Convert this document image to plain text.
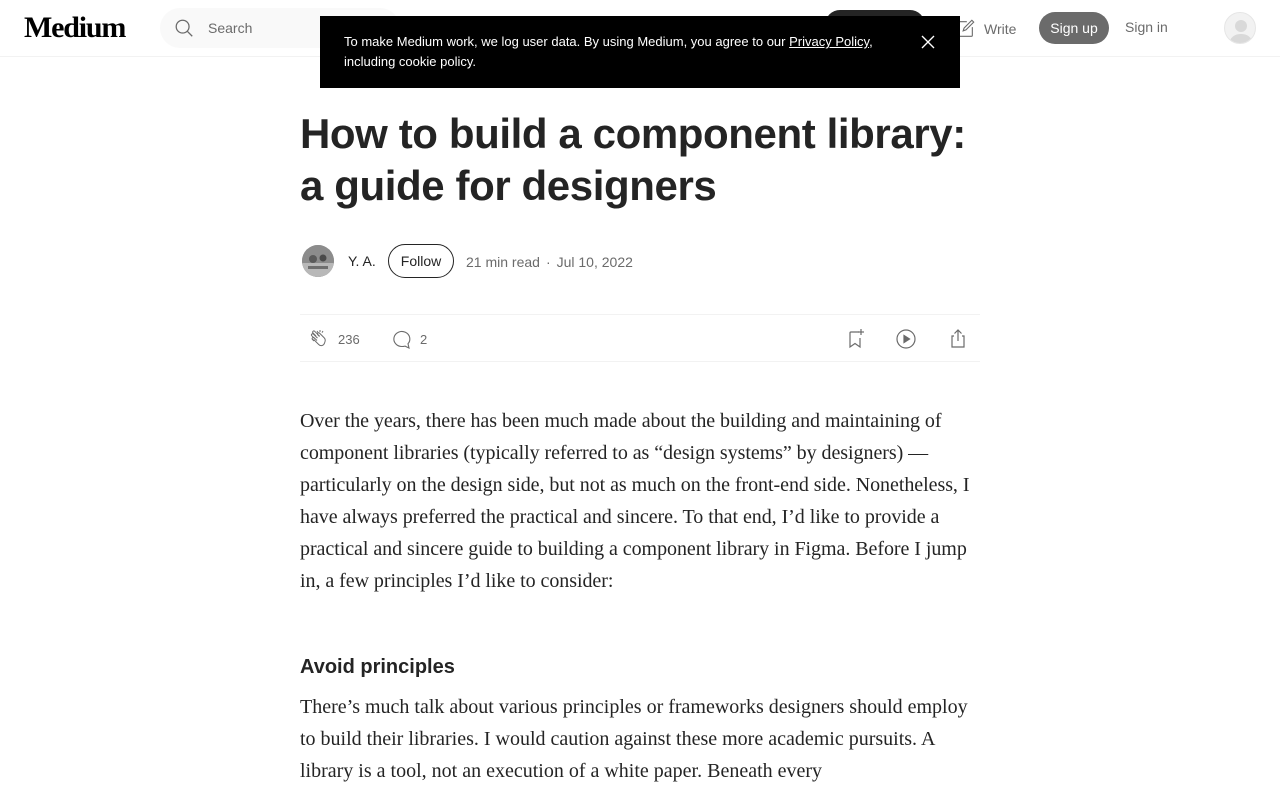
Medium	Search	Write	Sign up	Sign in
To make Medium work, we log user data. By using Medium, you agree to our Privacy Policy, including cookie policy.
How to build a component library: a guide for designers
Y. A.	Follow	21 min read · Jul 10, 2022
236	2

Over the years, there has been much made about the building and maintaining of component libraries (typically referred to as “design systems” by designers) — particularly on the design side, but not as much on the front-end side. Nonetheless, I have always preferred the practical and sincere. To that end, I’d like to provide a practical and sincere guide to building a component library in Figma. Before I jump in, a few principles I’d like to consider:

Avoid principles

There’s much talk about various principles or frameworks designers should employ to build their libraries. I would caution against these more academic pursuits. A library is a tool, not an execution of a white paper. Beneath every
